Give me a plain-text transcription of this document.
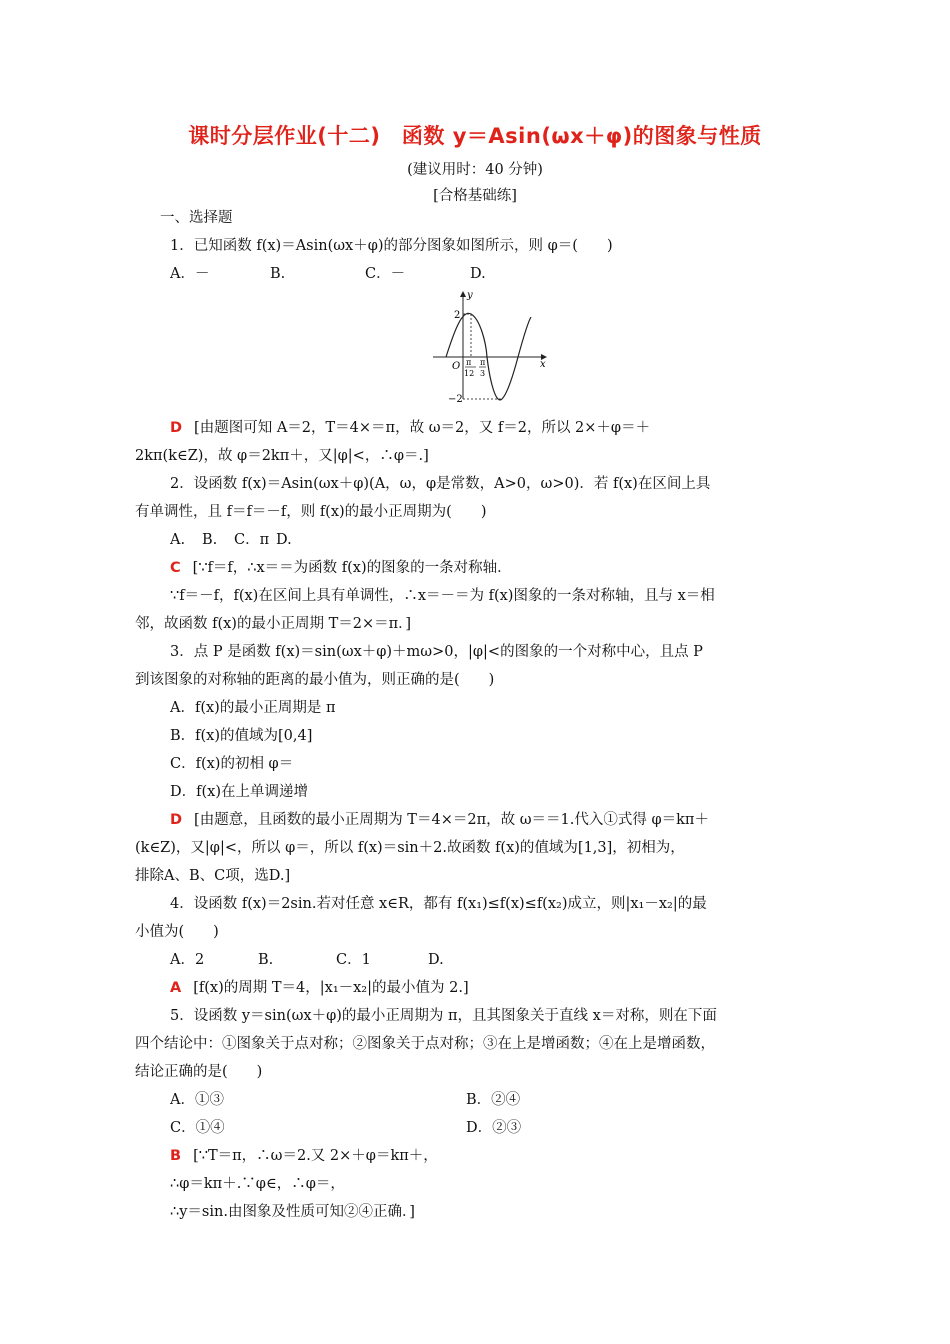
课时分层作业(十二)　函数 y＝Asin(ωx＋φ)的图象与性质
(建议用时：40 分钟)
[合格基础练]
一、选择题
1．已知函数 f(x)＝Asin(ωx＋φ)的部分图象如图所示，则 φ＝(　　)
A．－	B.	C．－	D.
y
x
O
2
−2
π
12
π
3
D [由题图可知 A＝2，T＝4×＝π，故 ω＝2，又 f＝2，所以 2×＋φ＝＋
2kπ(k∈Z)，故 φ＝2kπ＋，又|φ|<，∴φ＝.]
2．设函数 f(x)＝Asin(ωx＋φ)(A，ω，φ是常数，A>0，ω>0)．若 f(x)在区间上具
有单调性，且 f＝f＝－f，则 f(x)的最小正周期为(　　)
A. B. C．π D.
C [∵f＝f，∴x＝＝为函数 f(x)的图象的一条对称轴．
∵f＝－f，f(x)在区间上具有单调性，∴x＝－＝为 f(x)图象的一条对称轴，且与 x＝相
邻，故函数 f(x)的最小正周期 T＝2×＝π．]
3．点 P 是函数 f(x)＝sin(ωx＋φ)＋mω>0，|φ|<的图象的一个对称中心，且点 P
到该图象的对称轴的距离的最小值为，则正确的是(　　)
A．f(x)的最小正周期是 π
B．f(x)的值域为[0,4]
C．f(x)的初相 φ＝
D．f(x)在上单调递增
D [由题意，且函数的最小正周期为 T＝4×＝2π，故 ω＝＝1.代入①式得 φ＝kπ＋
(k∈Z)，又|φ|<，所以 φ＝，所以 f(x)＝sin＋2.故函数 f(x)的值域为[1,3]，初相为，
排除A、B、C项，选D.]
4．设函数 f(x)＝2sin.若对任意 x∈R，都有 f(x₁)≤f(x)≤f(x₂)成立，则|x₁－x₂|的最
小值为(　　)
A．2	B.	C．1	D.
A [f(x)的周期 T＝4，|x₁－x₂|的最小值为 2.]
5．设函数 y＝sin(ωx＋φ)的最小正周期为 π，且其图象关于直线 x＝对称，则在下面
四个结论中：①图象关于点对称；②图象关于点对称；③在上是增函数；④在上是增函数，
结论正确的是(　　)
A．①③	B．②④
C．①④	D．②③
B [∵T＝π，∴ω＝2.又 2×＋φ＝kπ＋，
∴φ＝kπ＋.∵φ∈，∴φ＝，
∴y＝sin.由图象及性质可知②④正确．]
